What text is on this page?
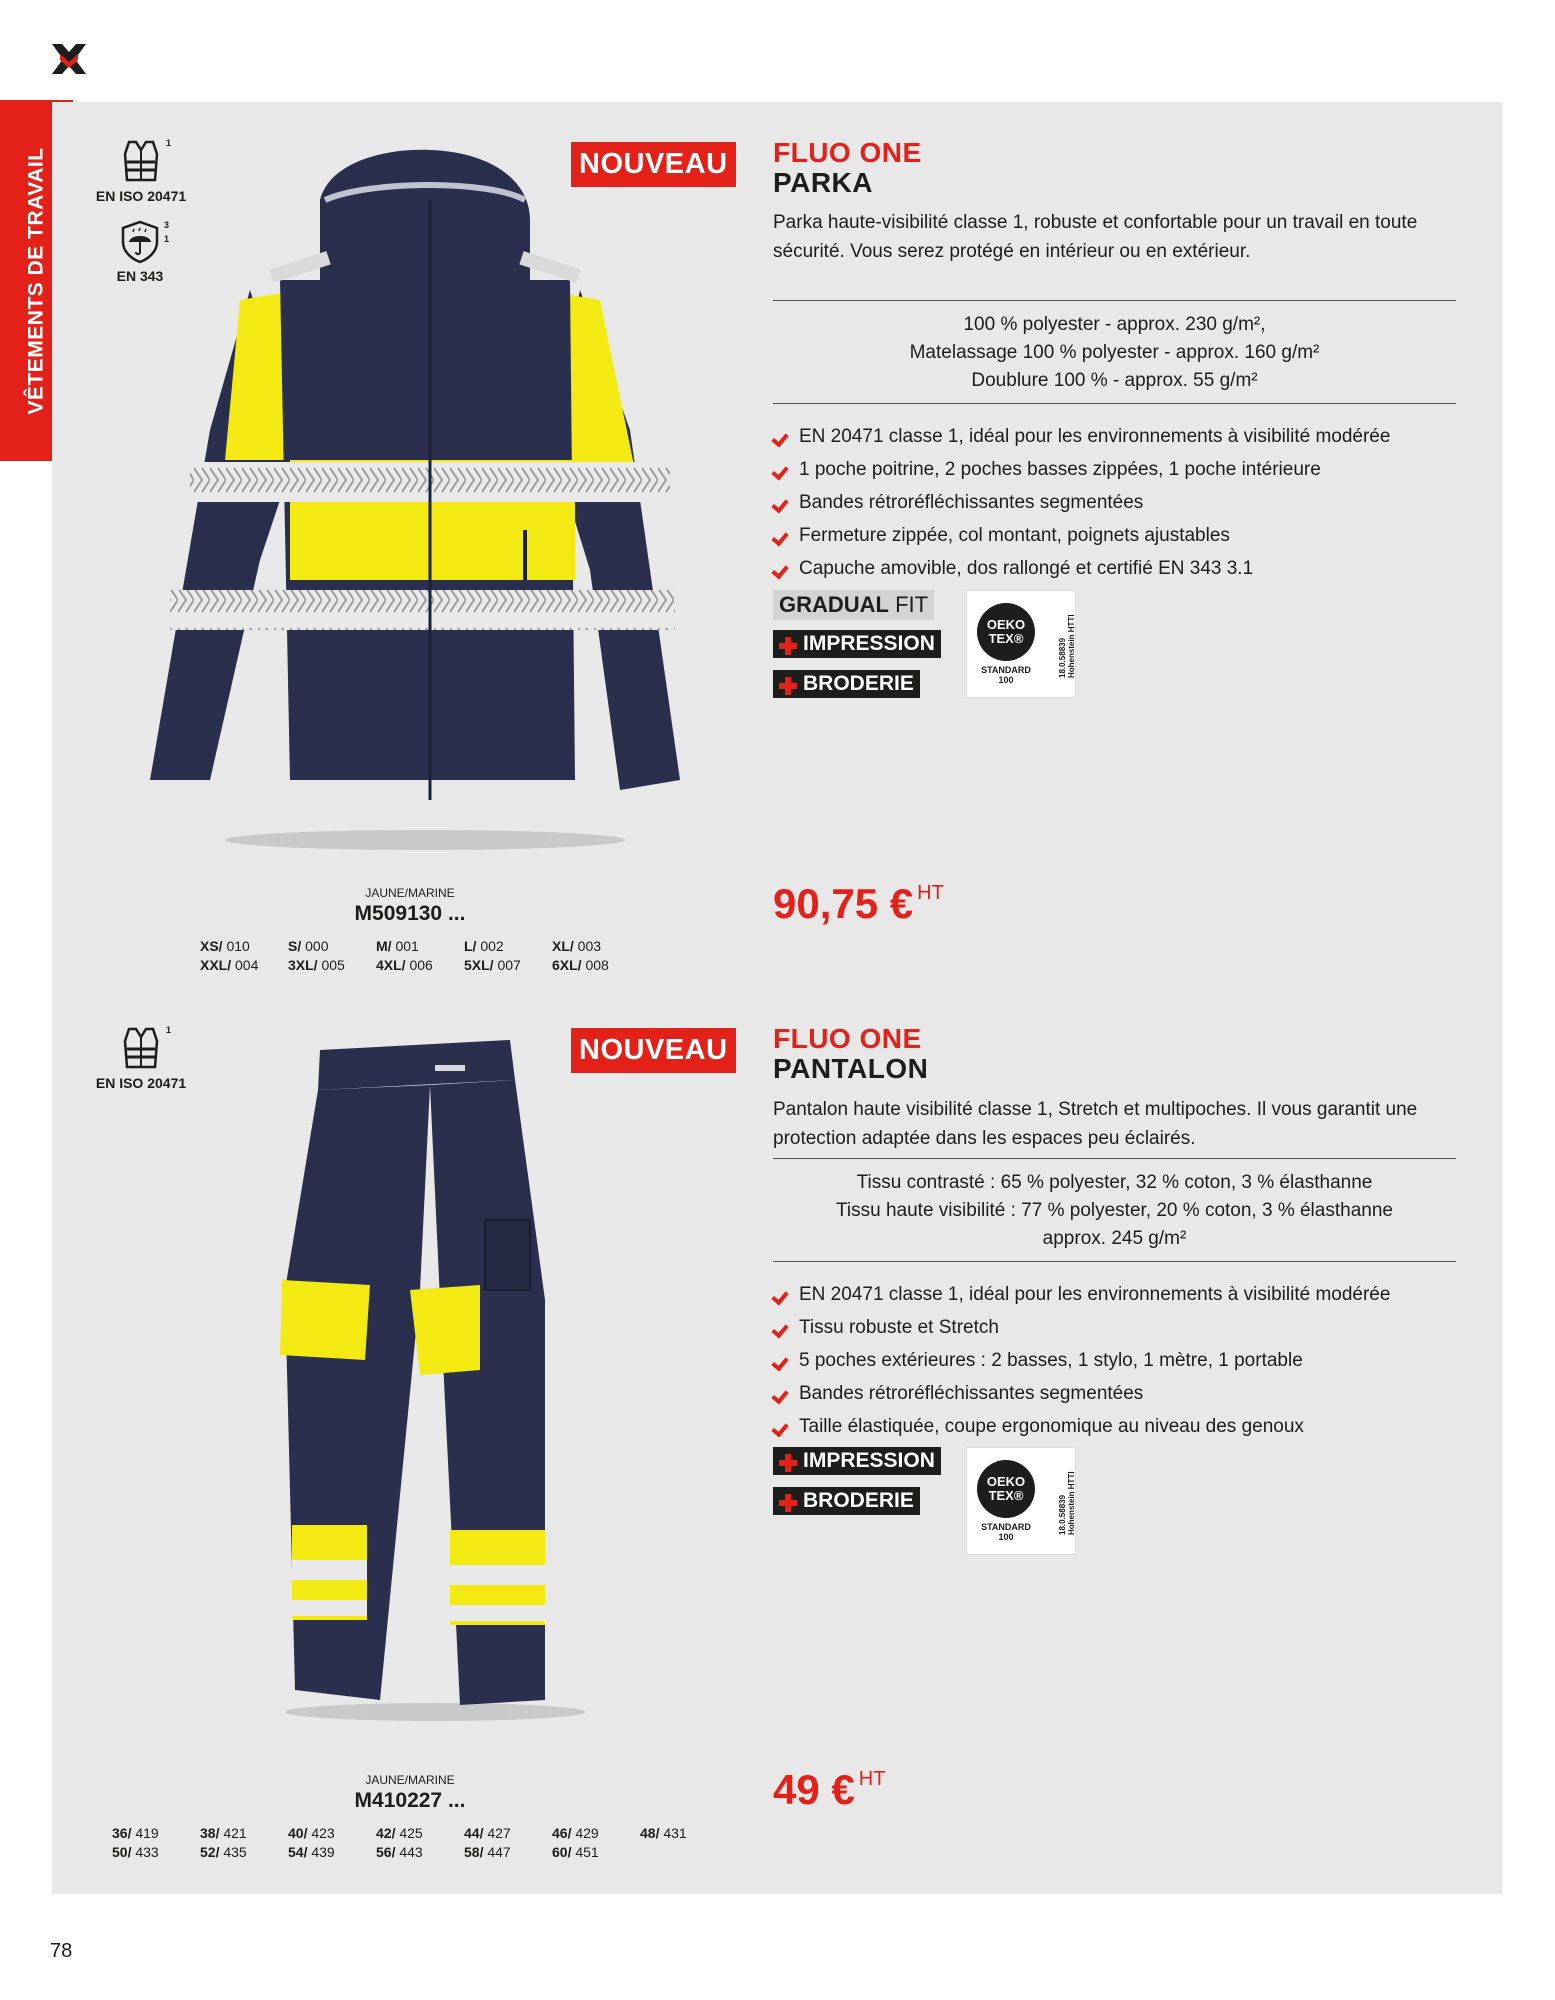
VÊTEMENTS DE TRAVAIL
1
EN ISO 20471
3
1
EN 343
NOUVEAU FLUO ONE
PARKA
Parka haute-visibilité classe 1, robuste et confortable pour un travail en toute sécurité. Vous serez protégé en intérieur ou en extérieur.
100 % polyester - approx. 230 g/m²,
Matelassage 100 % polyester - approx. 160 g/m²
Doublure 100 % - approx. 55 g/m²
EN 20471 classe 1, idéal pour les environnements à visibilité modérée
1 poche poitrine, 2 poches basses zippées, 1 poche intérieure
Bandes rétroréfléchissantes segmentées
Fermeture zippée, col montant, poignets ajustables
Capuche amovible, dos rallongé et certifié EN 343 3.1
GRADUAL FIT
IMPRESSION
BRODERIE
OEKO
TEX®
STANDARD
100
18.0.58839 Hohenstein HTTI
90,75 € $^{HT}$
JAUNE/MARINE
M509130 ...
XS/ 010	S/ 000	M/ 001	L/ 002	XL/ 003
XXL/ 004	3XL/ 005	4XL/ 006	5XL/ 007	6XL/ 008
1
EN ISO 20471
NOUVEAU FLUO ONE
PANTALON
Pantalon haute visibilité classe 1, Stretch et multipoches. Il vous garantit une protection adaptée dans les espaces peu éclairés.
Tissu contrasté : 65 % polyester, 32 % coton, 3 % élasthanne
Tissu haute visibilité : 77 % polyester, 20 % coton, 3 % élasthanne
approx. 245 g/m²
EN 20471 classe 1, idéal pour les environnements à visibilité modérée
Tissu robuste et Stretch
5 poches extérieures : 2 basses, 1 stylo, 1 mètre, 1 portable
Bandes rétroréfléchissantes segmentées
Taille élastiquée, coupe ergonomique au niveau des genoux
IMPRESSION
BRODERIE
OEKO
TEX®
STANDARD
100
18.0.58839 Hohenstein HTTI
49 € $^{HT}$
JAUNE/MARINE
M410227 ...
36/ 419	38/ 421	40/ 423	42/ 425	44/ 427	46/ 429	48/ 431
50/ 433	52/ 435	54/ 439	56/ 443	58/ 447	60/ 451
78
